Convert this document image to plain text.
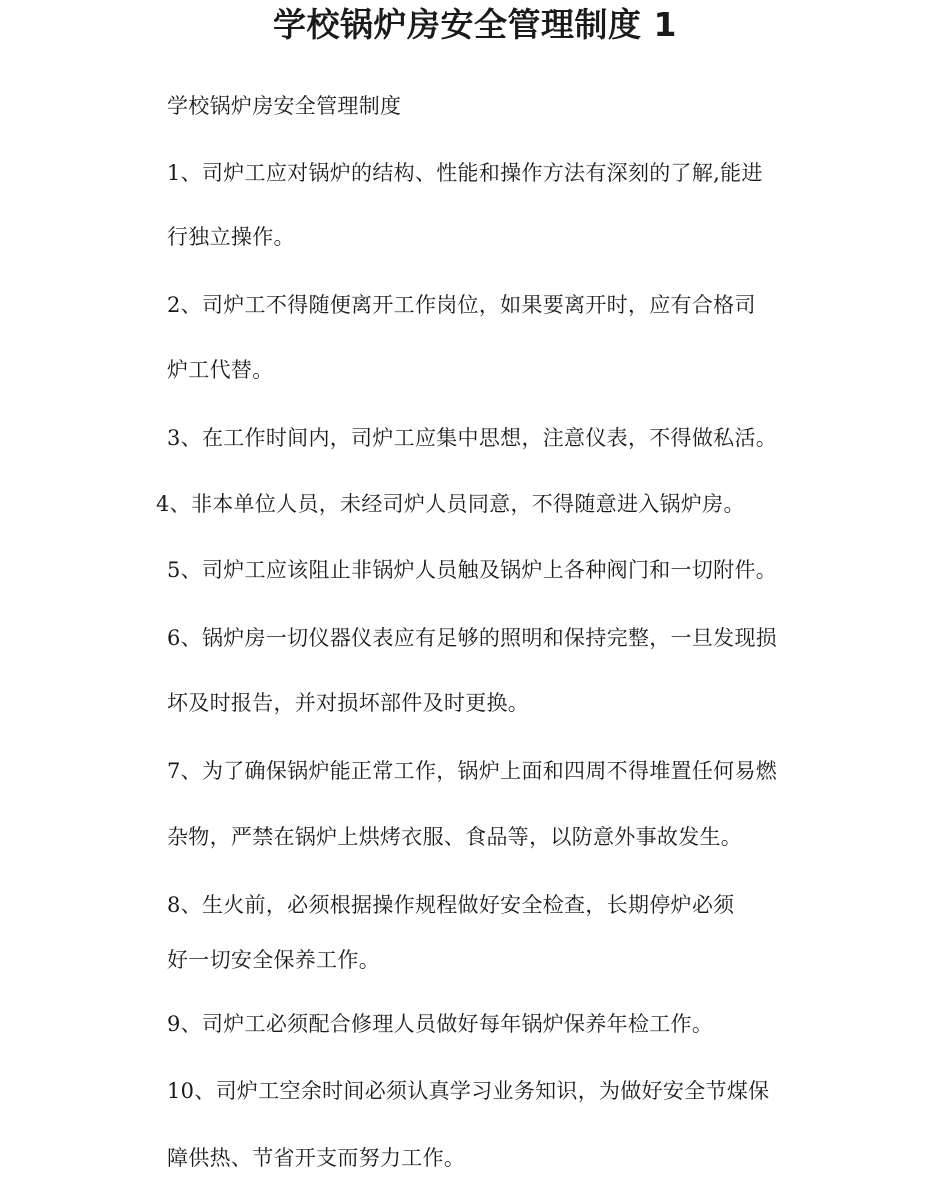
学校锅炉房安全管理制度 1

学校锅炉房安全管理制度

1、司炉工应对锅炉的结构、性能和操作方法有深刻的了解,能进

行独立操作。

2、司炉工不得随便离开工作岗位，如果要离开时，应有合格司

炉工代替。

3、在工作时间内，司炉工应集中思想，注意仪表，不得做私活。

4、非本单位人员，未经司炉人员同意，不得随意进入锅炉房。

5、司炉工应该阻止非锅炉人员触及锅炉上各种阀门和一切附件。

6、锅炉房一切仪器仪表应有足够的照明和保持完整，一旦发现损

坏及时报告，并对损坏部件及时更换。

7、为了确保锅炉能正常工作，锅炉上面和四周不得堆置任何易燃

杂物，严禁在锅炉上烘烤衣服、食品等，以防意外事故发生。

8、生火前，必须根据操作规程做好安全检查，长期停炉必须

好一切安全保养工作。

9、司炉工必须配合修理人员做好每年锅炉保养年检工作。

10、司炉工空余时间必须认真学习业务知识，为做好安全节煤保

障供热、节省开支而努力工作。
